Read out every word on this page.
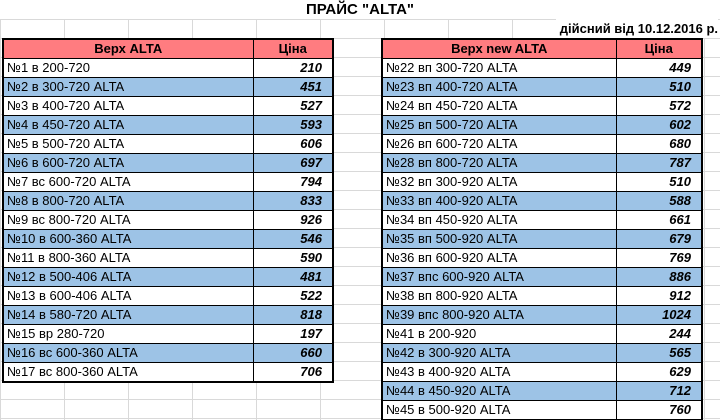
ПРАЙС "ALTA"
дійсний від 10.12.2016 р.
Верх ALTA	Ціна
№1 в 200-720	210
№2 в 300-720 ALTA	451
№3 в 400-720 ALTA	527
№4 в 450-720 ALTA	593
№5 в 500-720 ALTA	606
№6 в 600-720 ALTA	697
№7 вс 600-720 ALTA	794
№8 в 800-720 ALTA	833
№9 вс 800-720 ALTA	926
№10 в 600-360 ALTA	546
№11 в 800-360 ALTA	590
№12 в 500-406 ALTA	481
№13 в 600-406 ALTA	522
№14 в 580-720 ALTA	818
№15 вр 280-720	197
№16 вс 600-360 ALTA	660
№17 вс 800-360 ALTA	706
Верх new ALTA	Ціна
№22 вп 300-720 ALTA	449
№23 вп 400-720 ALTA	510
№24 вп 450-720 ALTA	572
№25 вп 500-720 ALTA	602
№26 вп 600-720 ALTA	680
№28 вп 800-720 ALTA	787
№32 вп 300-920 ALTA	510
№33 вп 400-920 ALTA	588
№34 вп 450-920 ALTA	661
№35 вп 500-920 ALTA	679
№36 вп 600-920 ALTA	769
№37 впс 600-920 ALTA	886
№38 вп 800-920 ALTA	912
№39 впс 800-920 ALTA	1024
№41 в 200-920	244
№42 в 300-920 ALTA	565
№43 в 400-920 ALTA	629
№44 в 450-920 ALTA	712
№45 в 500-920 ALTA	760
